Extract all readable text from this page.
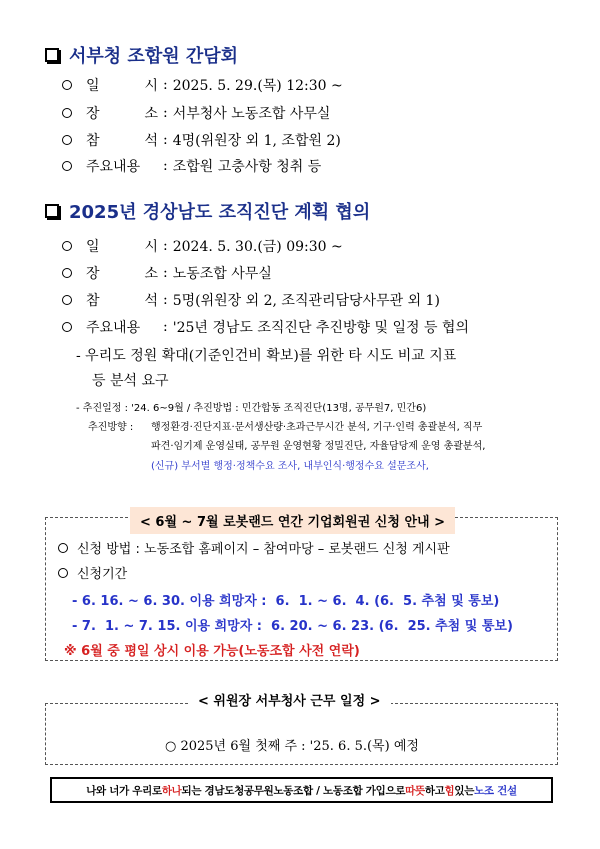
서부청 조합원 간담회
일 시 : 2025. 5. 29.(목) 12:30 ~
장 소 : 서부청사 노동조합 사무실
참 석 : 4명(위원장 외 1, 조합원 2)
주요내용	: 조합원 고충사항 청취 등
2025년 경상남도 조직진단 계획 협의
일 시 : 2024. 5. 30.(금) 09:30 ~
장 소 : 노동조합 사무실
참 석 : 5명(위원장 외 2, 조직관리담당사무관 외 1)
주요내용	: '25년 경남도 조직진단 추진방향 및 일정 등 협의
- 우리도 정원 확대(기준인건비 확보)를 위한 타 시도 비교 지표
등 분석 요구
- 추진일정 : '24. 6~9월 / 추진방법 : 민간합동 조직진단(13명, 공무원7, 민간6)
추진방향 : 행정환경·진단지표·문서생산량·초과근무시간 분석, 기구·인력 총괄분석, 직무
파견·임기제 운영실태, 공무원 운영현황 정밀진단, 자율담당제 운영 총괄분석,
(신규) 부서별 행정·정책수요 조사, 내부인식·행정수요 설문조사,
< 6월 ~ 7월 로봇랜드 연간 기업회원권 신청 안내 >
신청 방법 : 노동조합 홈페이지 – 참여마당 – 로봇랜드 신청 게시판
신청기간
- 6. 16. ~ 6. 30. 이용 희망자 :  6.  1. ~ 6.  4. (6.  5. 추첨 및 통보)
- 7.  1. ~ 7. 15. 이용 희망자 :  6. 20. ~ 6. 23. (6.  25. 추첨 및 통보)
※ 6월 중 평일 상시 이용 가능(노동조합 사전 연락)
< 위원장 서부청사 근무 일정 >
○ 2025년 6월 첫째 주 : '25. 6. 5.(목) 예정
나와 너가 우리로 하나 되는 경남도청공무원노동조합 / 노동조합 가입으로 따뜻 하고 힘 있는 노조 건설
